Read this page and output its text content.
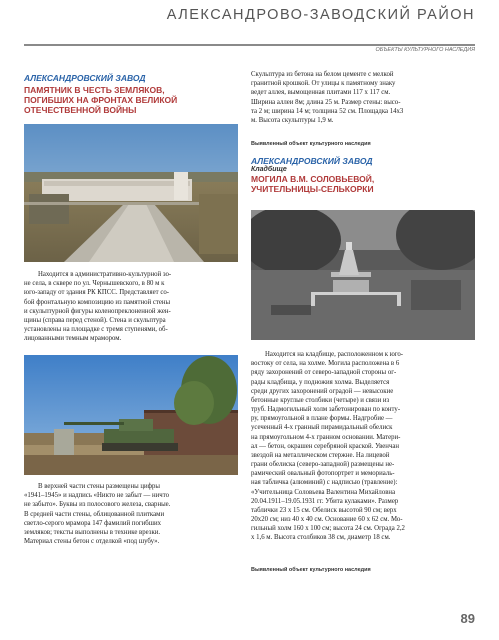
АЛЕКСАНДРОВО-ЗАВОДСКИЙ РАЙОН
ОБЪЕКТЫ КУЛЬТУРНОГО НАСЛЕДИЯ
АЛЕКСАНДРОВСКИЙ ЗАВОД
ПАМЯТНИК В ЧЕСТЬ ЗЕМЛЯКОВ,
ПОГИБШИХ НА ФРОНТАХ ВЕЛИКОЙ
ОТЕЧЕСТВЕННОЙ ВОЙНЫ
Находится в административно-культурной зо-
не села, в сквере по ул. Чернышевского, в 80 м к
юго-западу от здания РК КПСС. Представляет со-
бой фронтальную композицию из памятной стены
и скульптурной фигуры коленопреклоненной жен-
щины (справа перед стеной). Стена и скульптура
установлены на площадке с тремя ступенями, об-
лицованными темным мрамором.
В верхней части стены размещены цифры
«1941–1945» и надпись «Никто не забыт — ничто
не забыто». Буквы из полосового железа, сварные.
В средней части стены, облицованной плитками
светло-серого мрамора 147 фамилий погибших
земляков; тексты выполнены в технике врезки.
Материал стены бетон с отделкой «под шубу».
Скульптура из бетона на белом цементе с мелкой
гранитной крошкой. От улицы к памятному знаку
ведет аллея, вымощенная плитами 117 х 117 см.
Ширина аллеи 8м; длина 25 м. Размер стены: высо-
та 2 м; ширина 14 м; толщина 52 см. Площадка 14х3
м. Высота скульптуры 1,9 м.
Выявленный объект культурного наследия
АЛЕКСАНДРОВСКИЙ ЗАВОД
Кладбище
МОГИЛА В.М. СОЛОВЬЕВОЙ,
УЧИТЕЛЬНИЦЫ-СЕЛЬКОРКИ
Находится на кладбище, расположенном к юго-
востоку от села, на холме. Могила расположена в 6
ряду захоронений от северо-западной стороны ог-
рады кладбища, у подножия холма. Выделяется
среди других захоронений оградой — невысокие
бетонные круглые столбики (четыре) и связи из
труб. Надмогильный холм забетонирован по конту-
ру, прямоугольной в плане формы. Надгробие —
усеченный 4-х гранный пирамидальный обелиск
на прямоугольном 4-х гранном основании. Матери-
ал — бетон, окрашен серебряной краской. Увенчан
звездой на металлическом стержне. На лицевой
грани обелиска (северо-западной) размещены не-
рамический овальный фотопортрет и мемориаль-
ная табличка (алюминий) с надписью (травление):
«Учительница Соловьева Валентина Михайловна
20.04.1911–19.05.1931 гг. Убита кулаками». Размер
таблички 23 х 15 см. Обелиск высотой 90 см; верх
20х20 см; низ 40 х 40 см. Основание 60 х 62 см. Мо-
гильный холм 160 х 100 см; высота 24 см. Ограда 2,2
х 1,6 м. Высота столбиков 38 см, диаметр 18 см.
Выявленный объект культурного наследия
89
